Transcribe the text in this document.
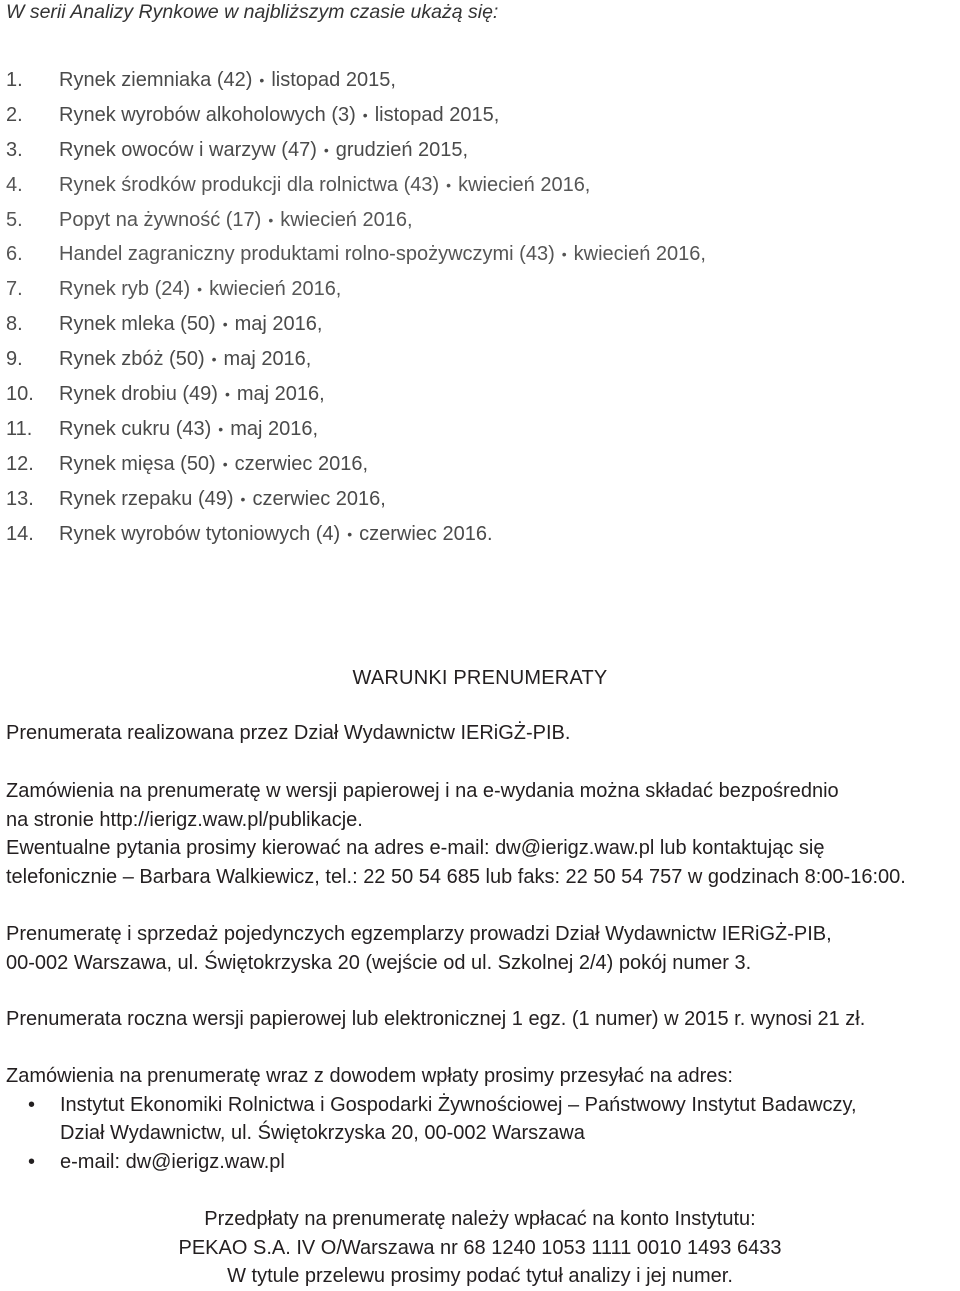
W serii Analizy Rynkowe w najbliższym czasie ukażą się:

1. Rynek ziemniaka (42) • listopad 2015,
2. Rynek wyrobów alkoholowych (3) • listopad 2015,
3. Rynek owoców i warzyw (47) • grudzień 2015,
4. Rynek środków produkcji dla rolnictwa (43) • kwiecień 2016,
5. Popyt na żywność (17) • kwiecień 2016,
6. Handel zagraniczny produktami rolno-spożywczymi (43) • kwiecień 2016,
7. Rynek ryb (24) • kwiecień 2016,
8. Rynek mleka (50) • maj 2016,
9. Rynek zbóż (50) • maj 2016,
10. Rynek drobiu (49) • maj 2016,
11. Rynek cukru (43) • maj 2016,
12. Rynek mięsa (50) • czerwiec 2016,
13. Rynek rzepaku (49) • czerwiec 2016,
14. Rynek wyrobów tytoniowych (4) • czerwiec 2016.
WARUNKI PRENUMERATY

Prenumerata realizowana przez Dział Wydawnictw IERiGŻ-PIB.

Zamówienia na prenumeratę w wersji papierowej i na e-wydania można składać bezpośrednio

na stronie http://ierigz.waw.pl/publikacje.

Ewentualne pytania prosimy kierować na adres e-mail: dw@ierigz.waw.pl lub kontaktując się

telefonicznie – Barbara Walkiewicz, tel.: 22 50 54 685 lub faks: 22 50 54 757 w godzinach 8:00-16:00.

Prenumeratę i sprzedaż pojedynczych egzemplarzy prowadzi Dział Wydawnictw IERiGŻ-PIB,

00-002 Warszawa, ul. Świętokrzyska 20 (wejście od ul. Szkolnej 2/4) pokój numer 3.

Prenumerata roczna wersji papierowej lub elektronicznej 1 egz. (1 numer) w 2015 r. wynosi 21 zł.

Zamówienia na prenumeratę wraz z dowodem wpłaty prosimy przesyłać na adres:

• Instytut Ekonomiki Rolnictwa i Gospodarki Żywnościowej – Państwowy Instytut Badawczy,
Dział Wydawnictw, ul. Świętokrzyska 20, 00-002 Warszawa
• e-mail: dw@ierigz.waw.pl

Przedpłaty na prenumeratę należy wpłacać na konto Instytutu:

PEKAO S.A. IV O/Warszawa nr 68 1240 1053 1111 0010 1493 6433

W tytule przelewu prosimy podać tytuł analizy i jej numer.
